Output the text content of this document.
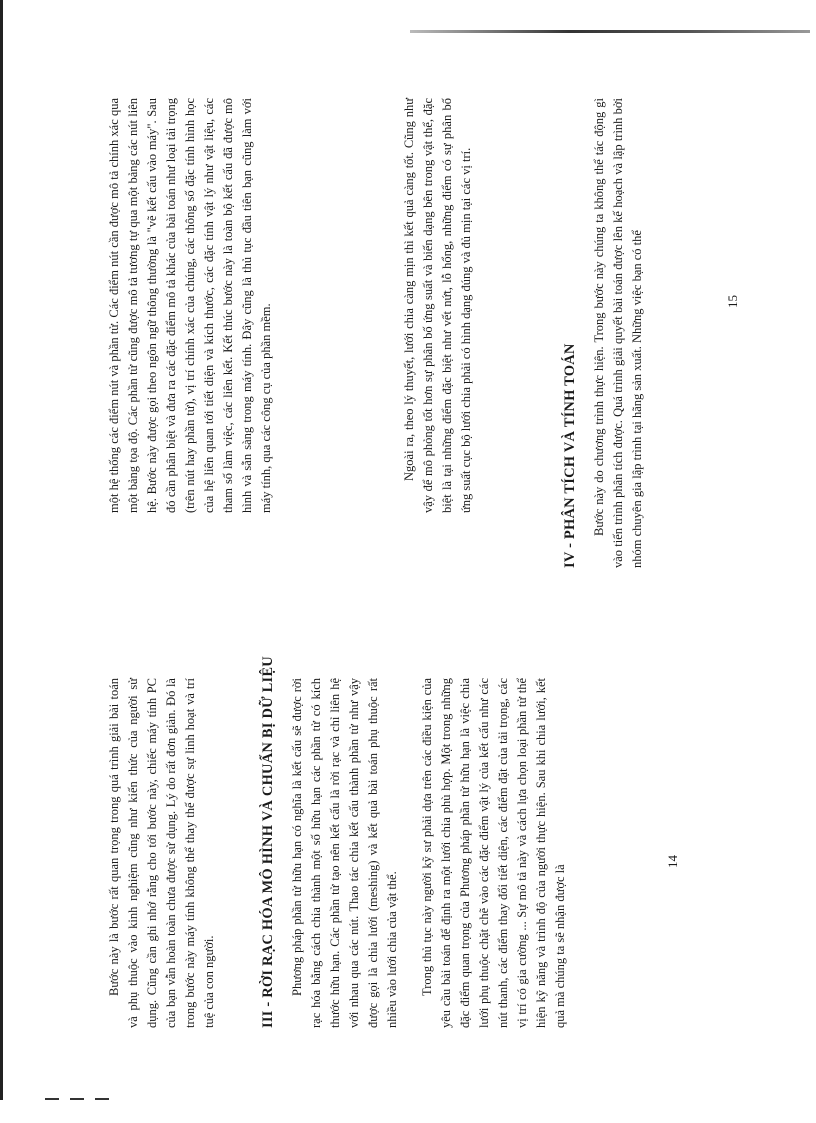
Bước này là bước rất quan trọng trong quá trình giải bài toán và phụ thuộc vào kinh nghiệm cũng như kiến thức của người sử dụng. Cũng cần ghi nhớ rằng cho tới bước này, chiếc máy tính PC của bạn vẫn hoàn toàn chưa được sử dụng. Lý do rất đơn giản. Đó là trong bước này máy tính không thể thay thế được sự linh hoạt và trí tuệ của con người.	III - RỜI RẠC HÓA MÔ HÌNH VÀ CHUẨN BỊ DỮ LIỆU Phương pháp phần tử hữu hạn có nghĩa là kết cấu sẽ được rời rạc hóa bằng cách chia thành một số hữu hạn các phần tử có kích thước hữu hạn. Các phần tử tạo nên kết cấu là rời rạc và chỉ liên hệ với nhau qua các nút. Thao tác chia kết cấu thành phần tử như vậy được gọi là chia lưới (meshing) và kết quả bài toán phụ thuộc rất nhiều vào lưới chia của vật thể. Trong thủ tục này người kỹ sư phải dựa trên các điều kiện của yêu cầu bài toán để định ra một lưới chia phù hợp. Một trong những đặc điểm quan trọng của Phương pháp phần tử hữu hạn là việc chia lưới phụ thuộc chặt chẽ vào các đặc điểm vật lý của kết cấu như các nút thanh, các điểm thay đổi tiết diện, các điểm đặt của tải trọng, các vị trí có gia cường ... Sự mô tả này và cách lựa chọn loại phần tử thể hiện kỹ năng và trình độ của người thực hiện. Sau khi chia lưới, kết quả mà chúng ta sẽ nhận được là

14

một hệ thống các điểm nút và phần tử. Các điểm nút cần được mô tả chính xác qua một bảng tọa độ. Các phần tử cũng được mô tả tương tự qua một bảng các nút liên hệ. Bước này được gọi theo ngôn ngữ thông thường là "vẽ kết cấu vào máy". Sau đó cần phân biệt và đưa ra các đặc điểm mô tả khác của bài toán như loại tải trọng (trên nút hay phần tử), vị trí chính xác của chúng, các thông số đặc tính hình học của hệ liên quan tới tiết diện và kích thước, các đặc tính vật lý như vật liệu, các tham số làm việc, các liên kết. Kết thúc bước này là toàn bộ kết cấu đã được mô hình và sẵn sàng trong máy tính. Đây cũng là thủ tục đầu tiên bạn cũng làm với máy tính, qua các công cụ của phần mềm.	Ngoài ra, theo lý thuyết, lưới chia càng mịn thì kết quả càng tốt. Cũng như vậy để mô phỏng tốt hơn sự phân bố ứng suất và biến dạng bên trong vật thể, đặc biệt là tại những điểm đặc biệt như vết nứt, lỗ hổng, những điểm có sự phân bố ứng suất cục bộ lưới chia phải có hình dạng đúng và đủ mịn tại các vị trí.	IV - PHÂN TÍCH VÀ TÍNH TOÁN Bước này do chương trình thực hiện. Trong bước này chúng ta không thể tác động gì vào tiến trình phân tích được. Quá trình giải quyết bài toán được lên kế hoạch và lập trình bởi nhóm chuyên gia lập trình tại hãng sản xuất. Những việc bạn có thể	15
